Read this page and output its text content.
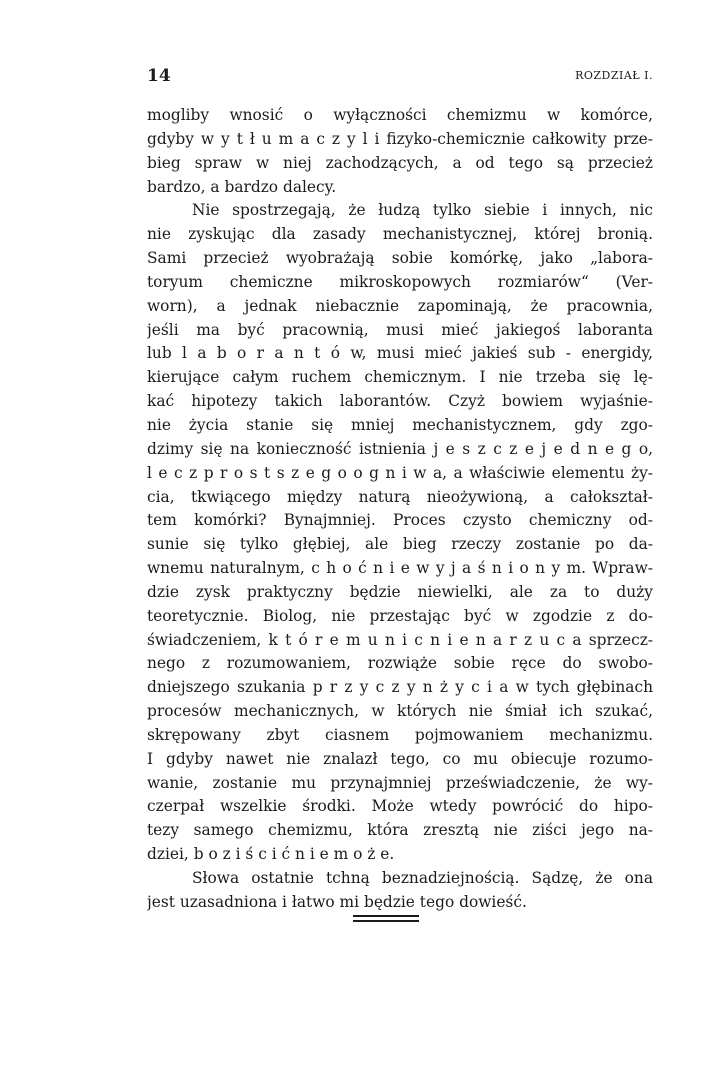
14	ROZDZIAŁ I.
mogliby wnosić o wyłączności chemizmu w komórce,
gdyby w y t ł u m a c z y l i fizyko-chemicznie całkowity prze-
bieg spraw w niej zachodzących, a od tego są przecież
bardzo, a bardzo dalecy.
Nie spostrzegają, że łudzą tylko siebie i innych, nic
nie zyskując dla zasady mechanistycznej, której bronią.
Sami przecież wyobrażają sobie komórkę, jako „labora-
toryum chemiczne mikroskopowych rozmiarów“ (Ver-
worn), a jednak niebacznie zapominają, że pracownia,
jeśli ma być pracownią, musi mieć jakiegoś laboranta
lub l a b o r a n t ó w, musi mieć jakieś sub - energidy,
kierujące całym ruchem chemicznym. I nie trzeba się lę-
kać hipotezy takich laborantów. Czyż bowiem wyjaśnie-
nie życia stanie się mniej mechanistycznem, gdy zgo-
dzimy się na konieczność istnienia j e s z c z e j e d n e g o,
l e c z p r o s t s z e g o o g n i w a, a właściwie elementu ży-
cia, tkwiącego między naturą nieożywioną, a całokształ-
tem komórki? Bynajmniej. Proces czysto chemiczny od-
sunie się tylko głębiej, ale bieg rzeczy zostanie po da-
wnemu naturalnym, c h o ć n i e w y j a ś n i o n y m. Wpraw-
dzie zysk praktyczny będzie niewielki, ale za to duży
teoretycznie. Biolog, nie przestając być w zgodzie z do-
świadczeniem, k t ó r e m u n i c n i e n a r z u c a sprzecz-
nego z rozumowaniem, rozwiąże sobie ręce do swobo-
dniejszego szukania p r z y c z y n ż y c i a w tych głębinach
procesów mechanicznych, w których nie śmiał ich szukać,
skrępowany zbyt ciasnem pojmowaniem mechanizmu.
I gdyby nawet nie znalazł tego, co mu obiecuje rozumo-
wanie, zostanie mu przynajmniej przeświadczenie, że wy-
czerpał wszelkie środki. Może wtedy powrócić do hipo-
tezy samego chemizmu, która zresztą nie ziści jego na-
dziei, b o z i ś c i ć n i e m o ż e.
Słowa ostatnie tchną beznadziejnością. Sądzę, że ona
jest uzasadniona i łatwo mi będzie tego dowieść.
